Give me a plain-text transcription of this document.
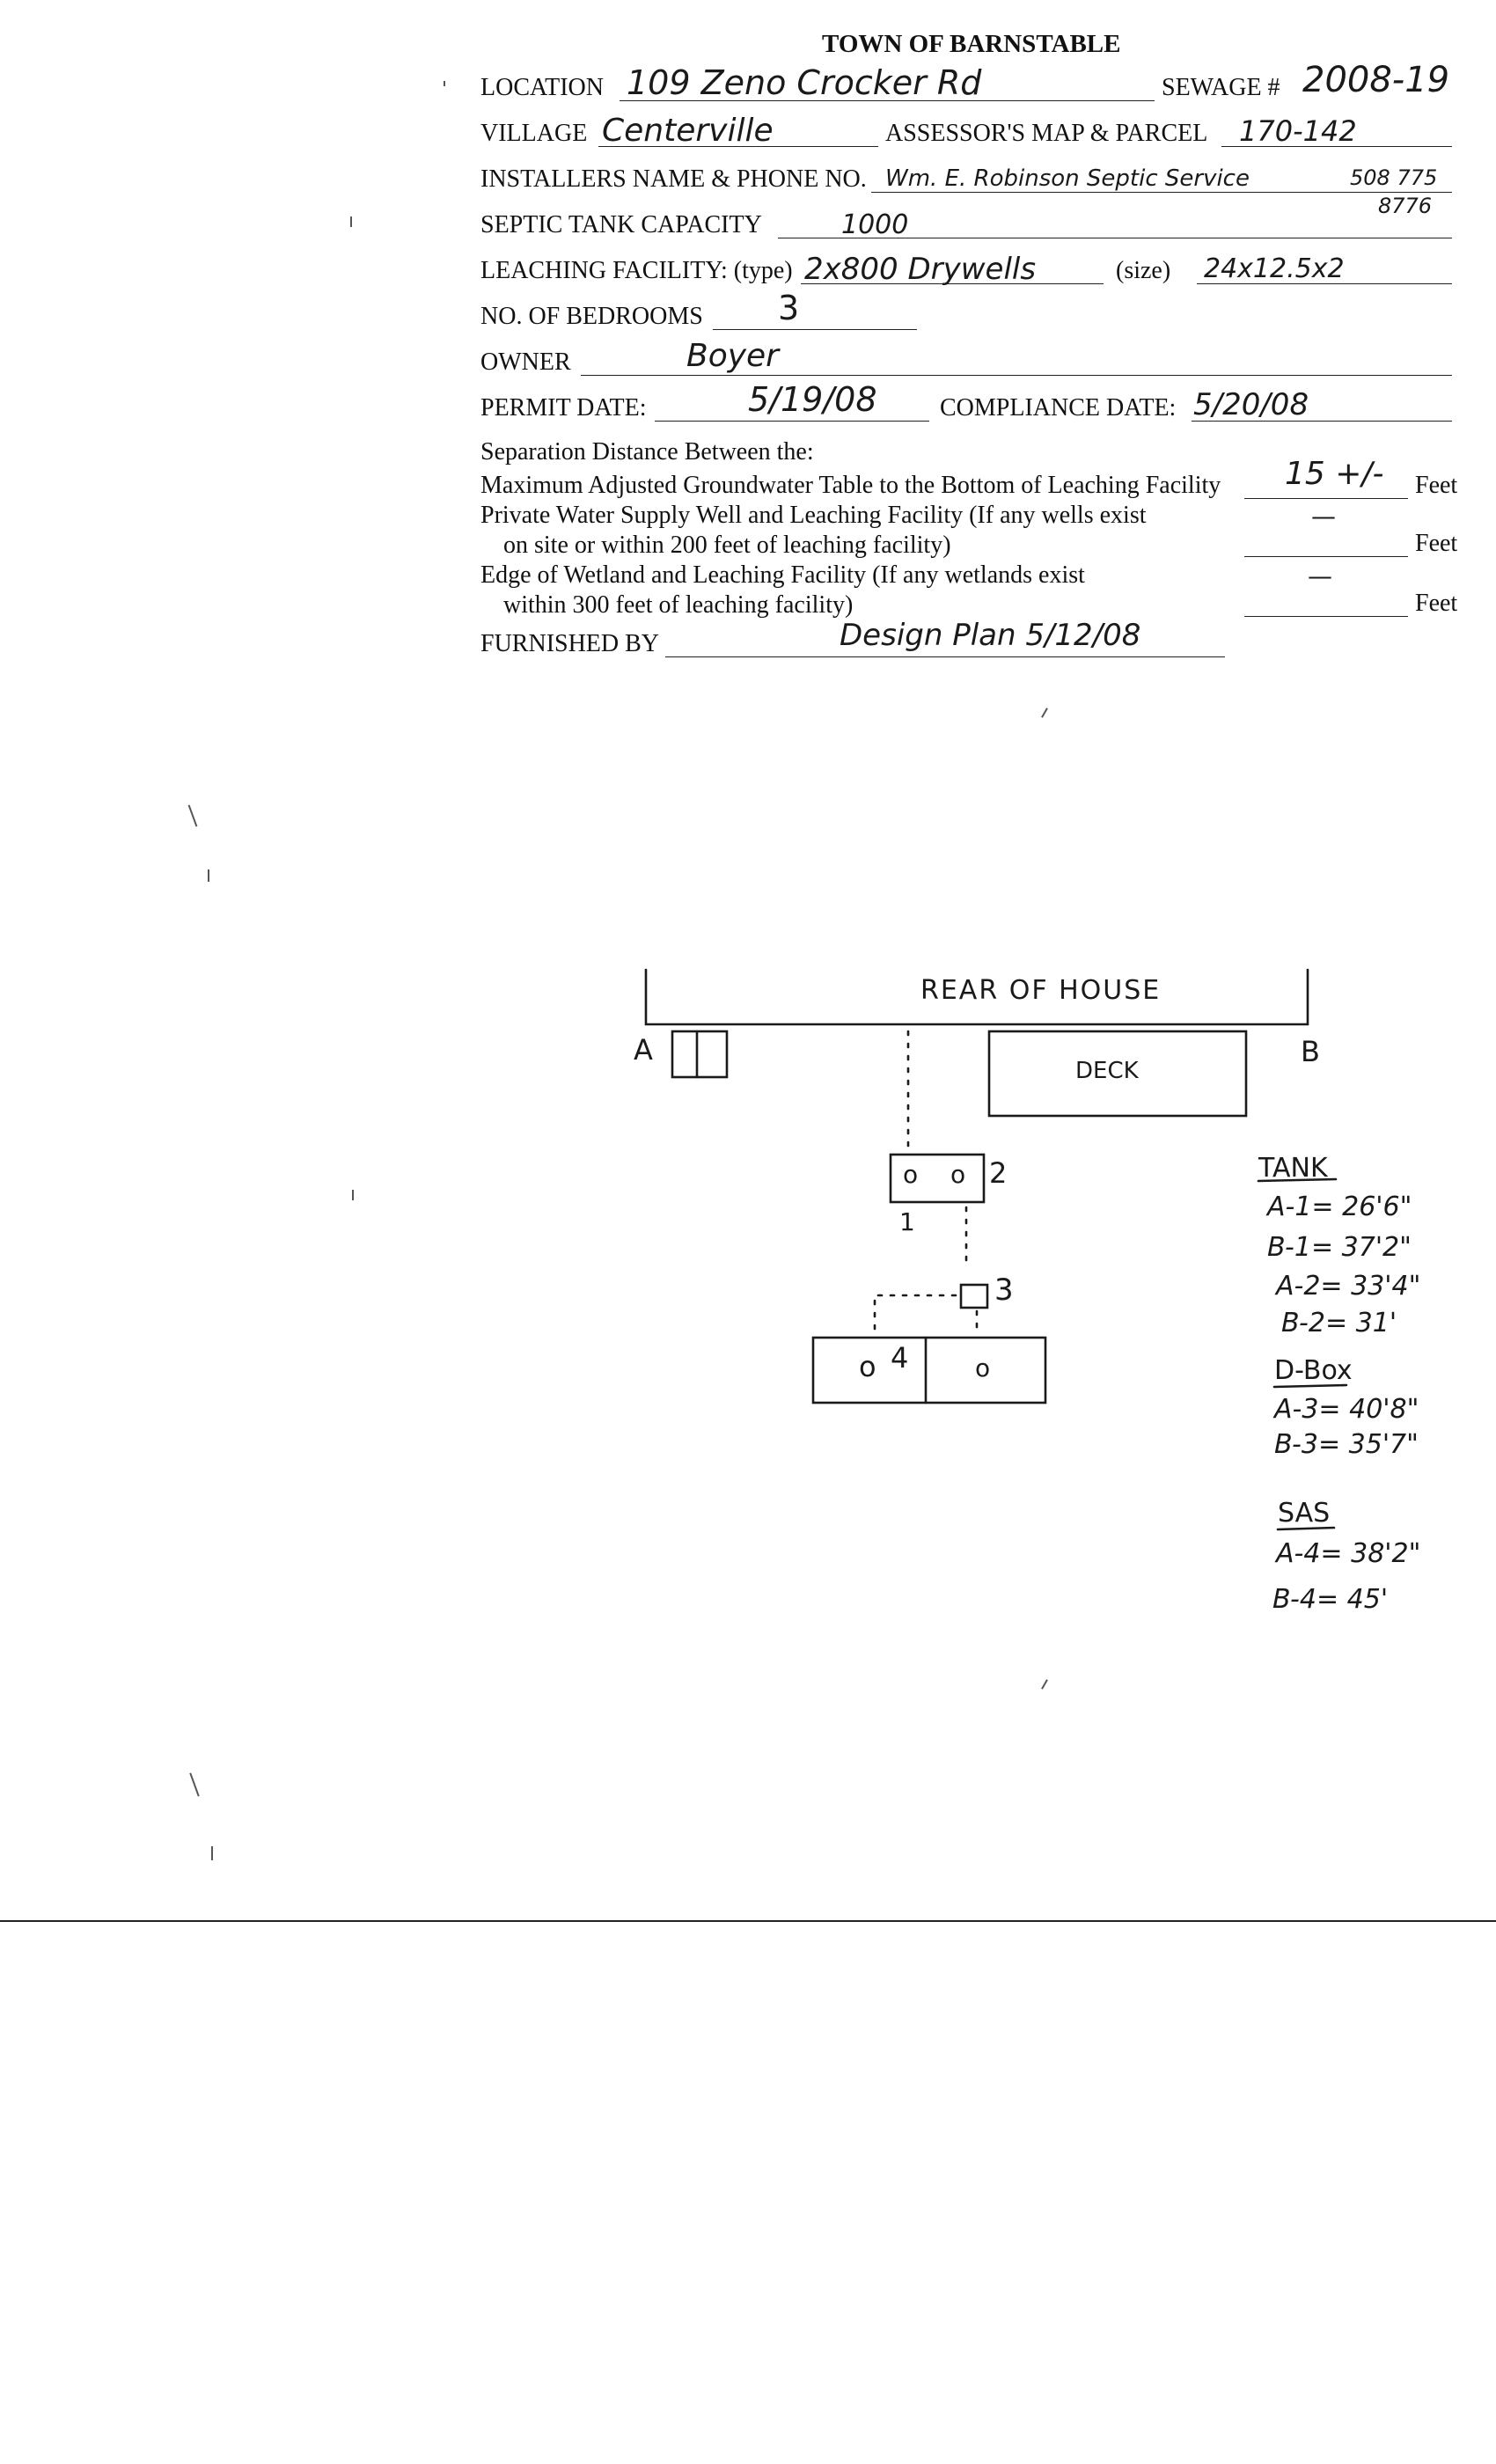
TOWN OF BARNSTABLE
LOCATION 109 Zeno Crocker Rd	SEWAGE # 2008-19
VILLAGE Centerville	ASSESSOR'S MAP & PARCEL 170-142
INSTALLERS NAME & PHONE NO. Wm. E. Robinson Septic Service	508 775
8776
SEPTIC TANK CAPACITY	1000
LEACHING FACILITY: (type) 2x800 Drywells	(size) 24x12.5x2
NO. OF BEDROOMS 3
OWNER	Boyer
PERMIT DATE:	5/19/08	COMPLIANCE DATE: 5/20/08
Separation Distance Between the:
Maximum Adjusted Groundwater Table to the Bottom of Leaching Facility 15 +/- Feet
Private Water Supply Well and Leaching Facility (If any wells exist
on site or within 200 feet of leaching facility)
—
Feet
Edge of Wetland and Leaching Facility (If any wetlands exist
within 300 feet of leaching facility)
—
Feet
FURNISHED BY	Design Plan 5/12/08
REAR OF HOUSE
DECK
A	B
o o
1
2
3
o 4	o
TANK
A-1= 26'6"
B-1= 37'2"
A-2= 33'4"
B-2= 31'
D-Box
A-3= 40'8"
B-3= 35'7"
SAS
A-4= 38'2"
B-4= 45'
